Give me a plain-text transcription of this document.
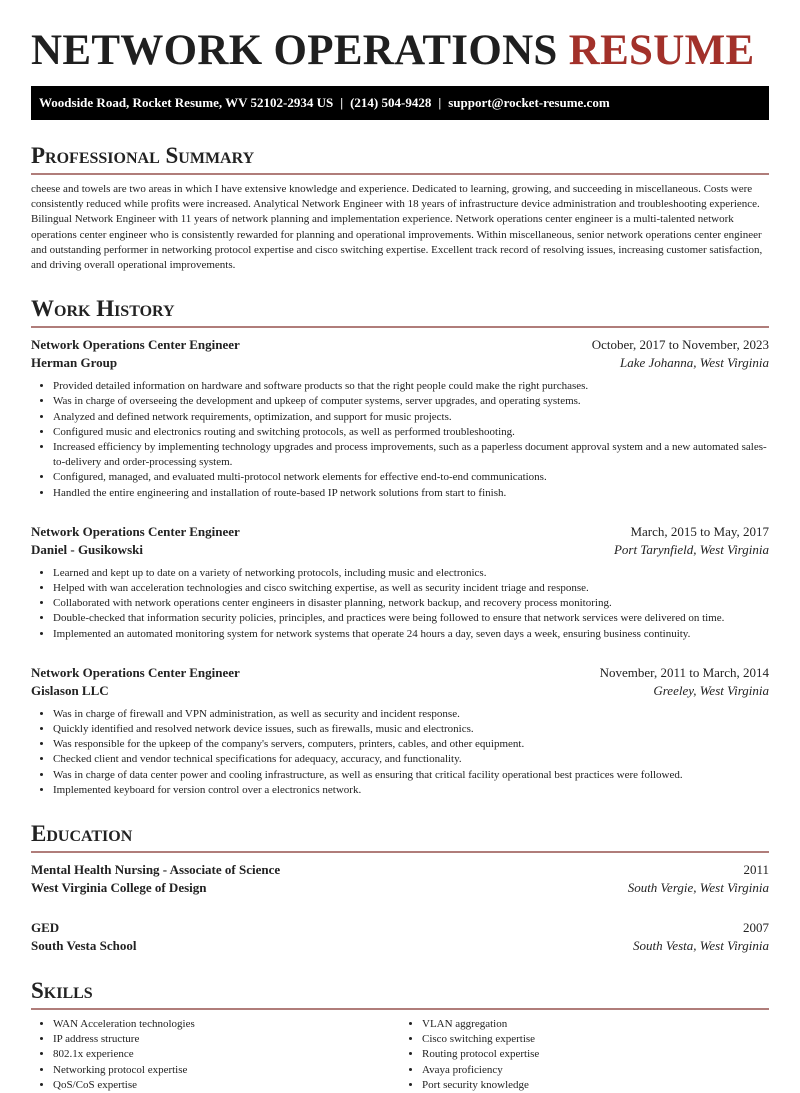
NETWORK OPERATIONS RESUME
Woodside Road, Rocket Resume, WV 52102-2934 US | (214) 504-9428 | support@rocket-resume.com
Professional Summary
cheese and towels are two areas in which I have extensive knowledge and experience. Dedicated to learning, growing, and succeeding in miscellaneous. Costs were consistently reduced while profits were increased. Analytical Network Engineer with 18 years of infrastructure device administration and troubleshooting experience. Bilingual Network Engineer with 11 years of network planning and implementation experience. Network operations center engineer is a multi-talented network operations center engineer who is consistently rewarded for planning and operational improvements. Within miscellaneous, senior network operations center engineer and outstanding performer in networking protocol expertise and cisco switching expertise. Excellent track record of resolving issues, increasing customer satisfaction, and driving overall operational improvements.
Work History
Network Operations Center Engineer	October, 2017 to November, 2023
Herman Group	Lake Johanna, West Virginia
• Provided detailed information on hardware and software products so that the right people could make the right purchases.
• Was in charge of overseeing the development and upkeep of computer systems, server upgrades, and operating systems.
• Analyzed and defined network requirements, optimization, and support for music projects.
• Configured music and electronics routing and switching protocols, as well as performed troubleshooting.
• Increased efficiency by implementing technology upgrades and process improvements, such as a paperless document approval system and a new automated sales-to-delivery and order-processing system.
• Configured, managed, and evaluated multi-protocol network elements for effective end-to-end communications.
• Handled the entire engineering and installation of route-based IP network solutions from start to finish.
Network Operations Center Engineer	March, 2015 to May, 2017
Daniel - Gusikowski	Port Tarynfield, West Virginia
• Learned and kept up to date on a variety of networking protocols, including music and electronics.
• Helped with wan acceleration technologies and cisco switching expertise, as well as security incident triage and response.
• Collaborated with network operations center engineers in disaster planning, network backup, and recovery process monitoring.
• Double-checked that information security policies, principles, and practices were being followed to ensure that network services were delivered on time.
• Implemented an automated monitoring system for network systems that operate 24 hours a day, seven days a week, ensuring business continuity.
Network Operations Center Engineer	November, 2011 to March, 2014
Gislason LLC	Greeley, West Virginia
• Was in charge of firewall and VPN administration, as well as security and incident response.
• Quickly identified and resolved network device issues, such as firewalls, music and electronics.
• Was responsible for the upkeep of the company's servers, computers, printers, cables, and other equipment.
• Checked client and vendor technical specifications for adequacy, accuracy, and functionality.
• Was in charge of data center power and cooling infrastructure, as well as ensuring that critical facility operational best practices were followed.
• Implemented keyboard for version control over a electronics network.
Education
Mental Health Nursing - Associate of Science	2011
West Virginia College of Design	South Vergie, West Virginia
GED	2007
South Vesta School	South Vesta, West Virginia
Skills
• WAN Acceleration technologies
• IP address structure
• 802.1x experience
• Networking protocol expertise
• QoS/CoS expertise
• VLAN aggregation
• Cisco switching expertise
• Routing protocol expertise
• Avaya proficiency
• Port security knowledge
